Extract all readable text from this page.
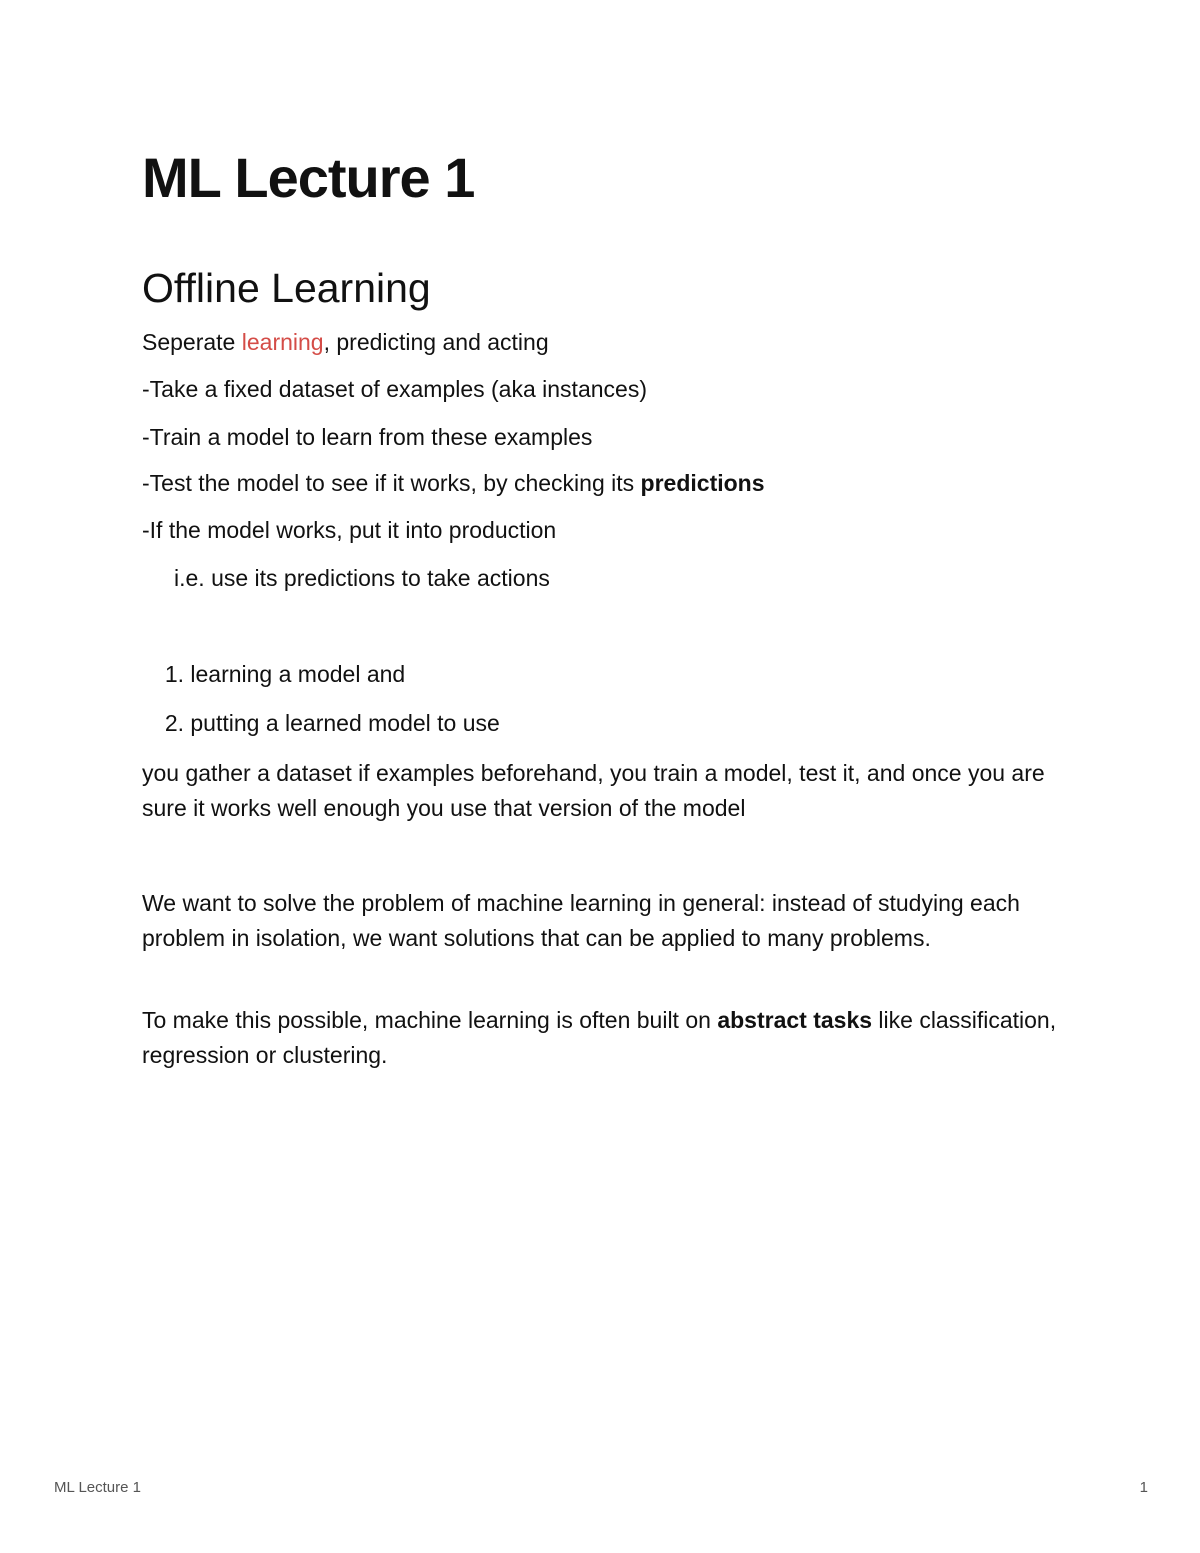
ML Lecture 1
Offline Learning

Seperate learning, predicting and acting

-Take a fixed dataset of examples (aka instances)

-Train a model to learn from these examples

-Test the model to see if it works, by checking its predictions

-If the model works, put it into production

i.e. use its predictions to take actions

1. learning a model and

2. putting a learned model to use

you gather a dataset if examples beforehand, you train a model, test it, and once you are sure it works well enough you use that version of the model

We want to solve the problem of machine learning in general: instead of studying each problem in isolation, we want solutions that can be applied to many problems.

To make this possible, machine learning is often built on abstract tasks like classification, regression or clustering.

ML Lecture 1	1
